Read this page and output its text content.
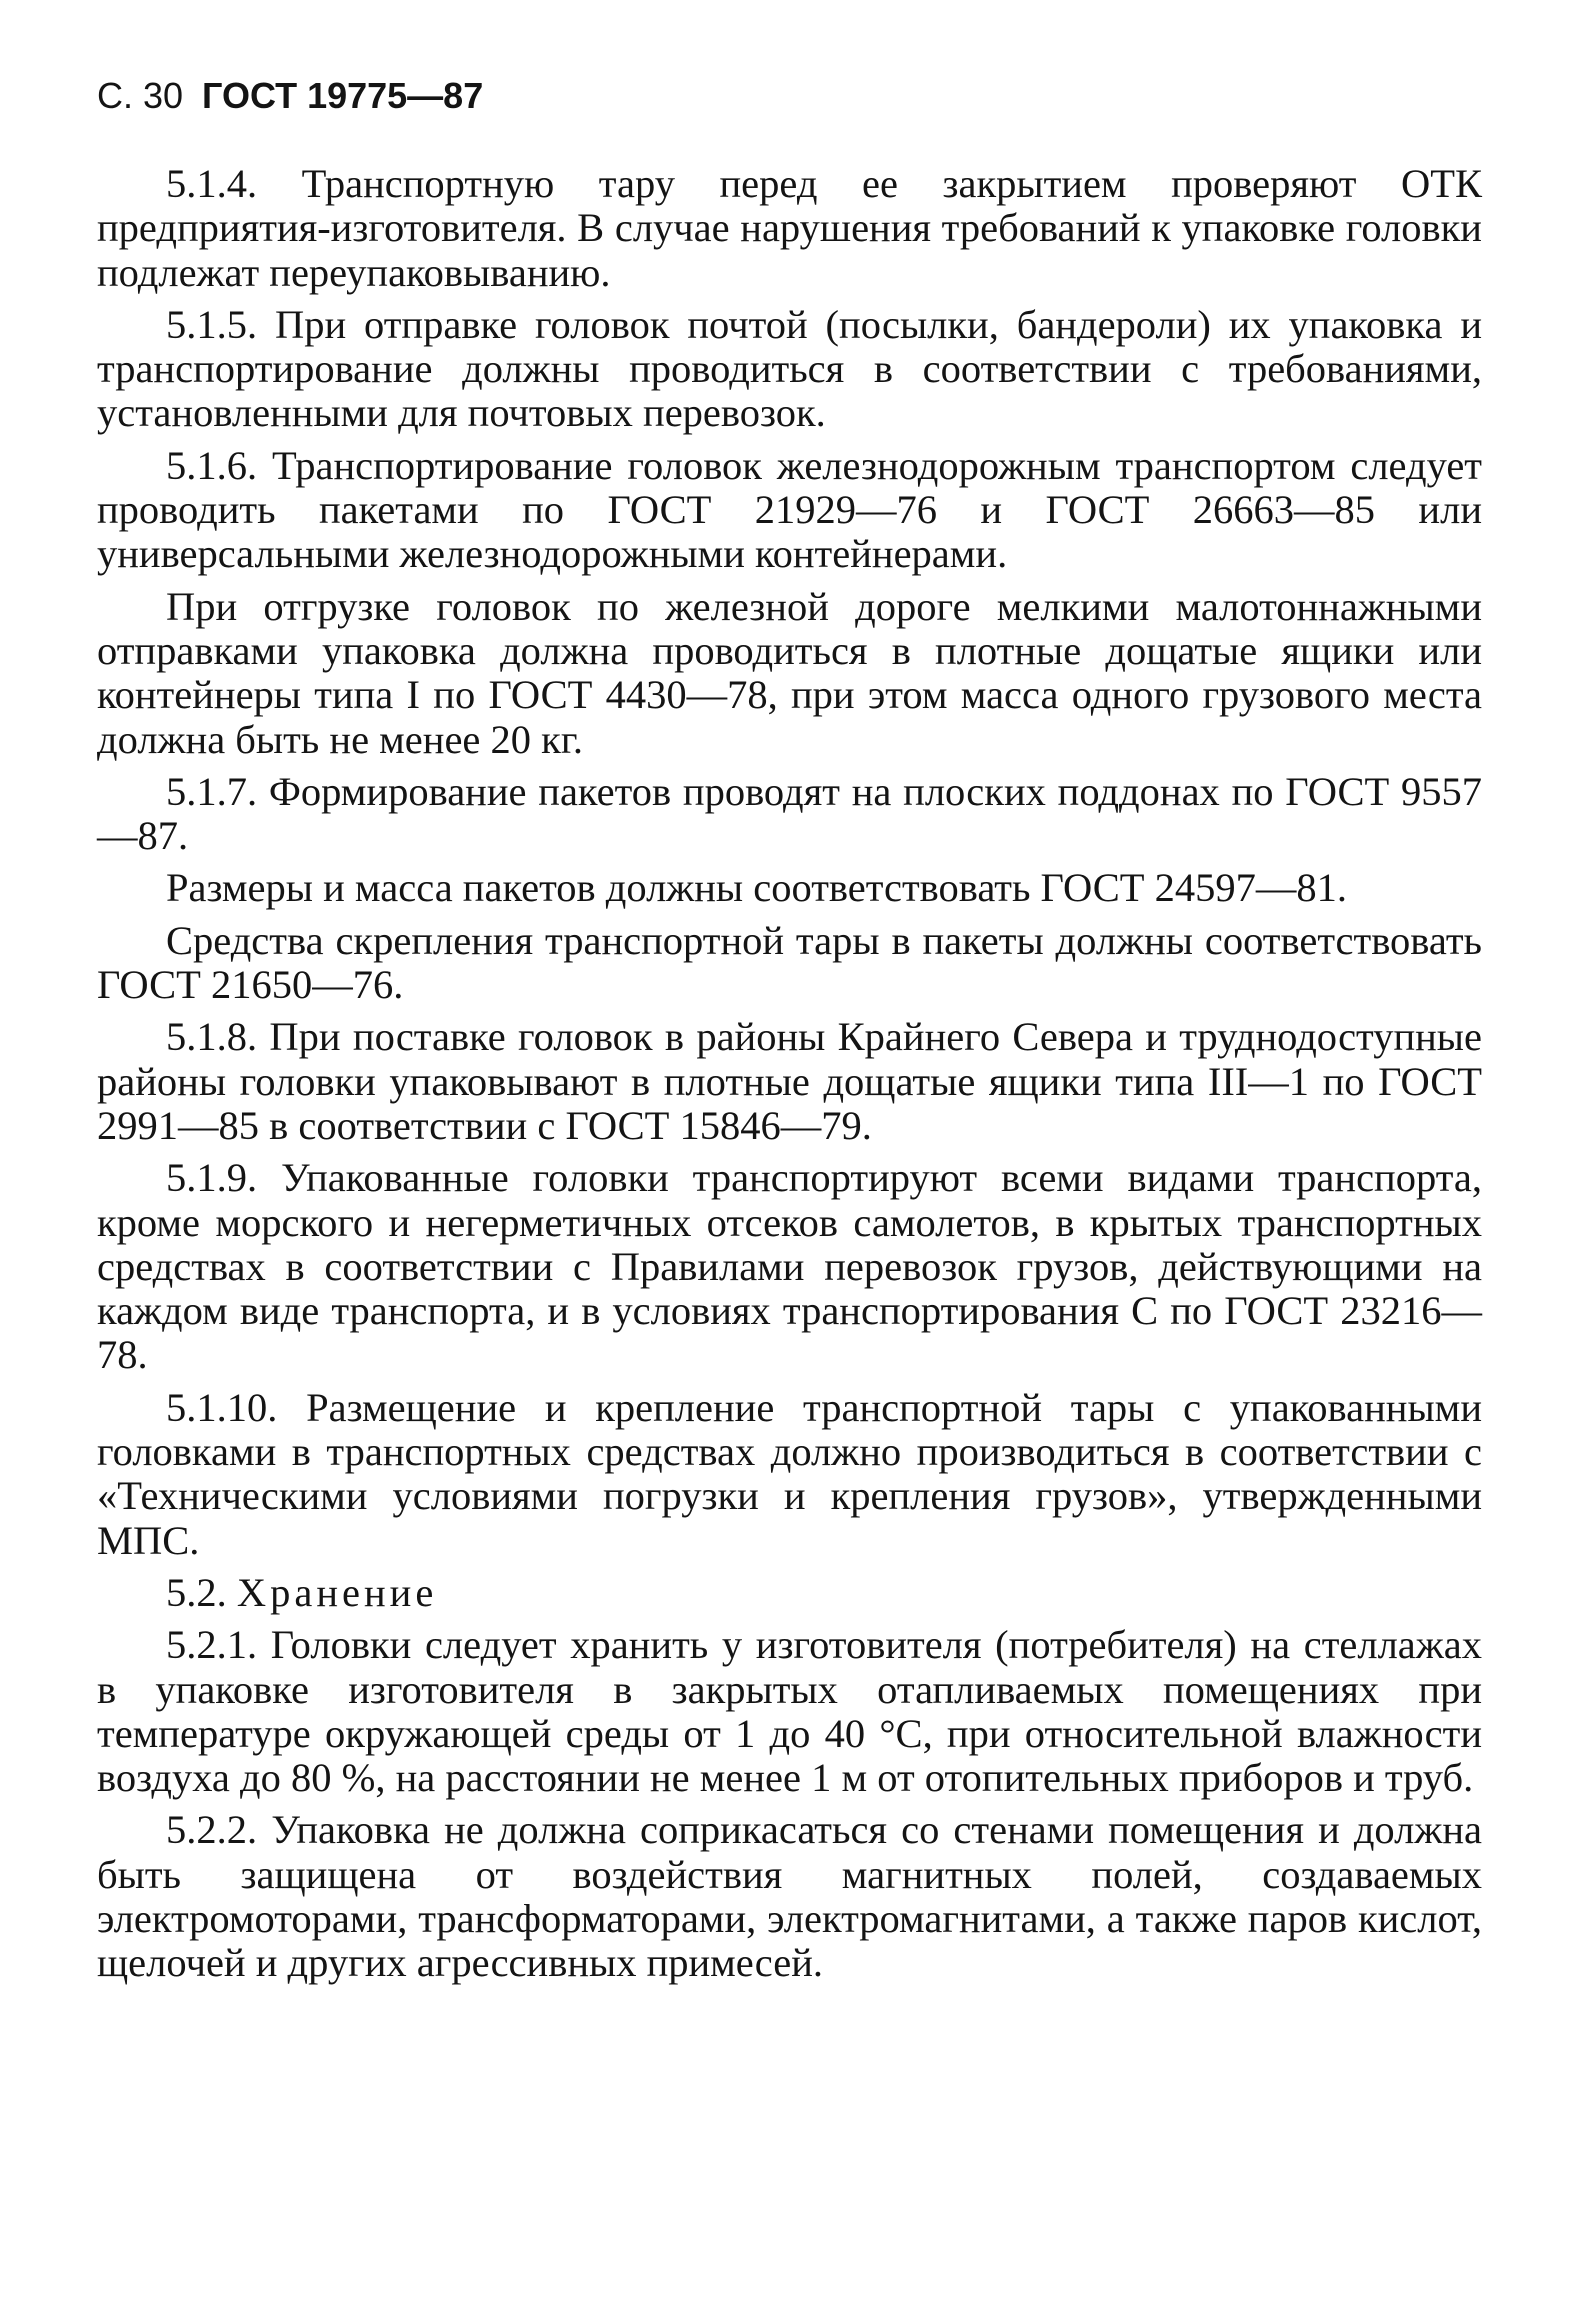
С. 30 ГОСТ 19775—87

5.1.4. Транспортную тару перед ее закрытием проверяют ОТК предприятия-изготовителя. В случае нарушения требований к упаковке головки подлежат переупаковыванию.

5.1.5. При отправке головок почтой (посылки, бандероли) их упаковка и транспортирование должны проводиться в соответствии с требованиями, установленными для почтовых перевозок.

5.1.6. Транспортирование головок железнодорожным транспортом следует проводить пакетами по ГОСТ 21929—76 и ГОСТ 26663—85 или универсальными железнодорожными контейнерами.

При отгрузке головок по железной дороге мелкими малотоннажными отправками упаковка должна проводиться в плотные дощатые ящики или контейнеры типа I по ГОСТ 4430—78, при этом масса одного грузового места должна быть не менее 20 кг.

5.1.7. Формирование пакетов проводят на плоских поддонах по ГОСТ 9557—87.

Размеры и масса пакетов должны соответствовать ГОСТ 24597—81.

Средства скрепления транспортной тары в пакеты должны соответствовать ГОСТ 21650—76.

5.1.8. При поставке головок в районы Крайнего Севера и труднодоступные районы головки упаковывают в плотные дощатые ящики типа III—1 по ГОСТ 2991—85 в соответствии с ГОСТ 15846—79.

5.1.9. Упакованные головки транспортируют всеми видами транспорта, кроме морского и негерметичных отсеков самолетов, в крытых транспортных средствах в соответствии с Правилами перевозок грузов, действующими на каждом виде транспорта, и в условиях транспортирования С по ГОСТ 23216—78.

5.1.10. Размещение и крепление транспортной тары с упакованными головками в транспортных средствах должно производиться в соответствии с «Техническими условиями погрузки и крепления грузов», утвержденными МПС.

5.2. Хранение

5.2.1. Головки следует хранить у изготовителя (потребителя) на стеллажах в упаковке изготовителя в закрытых отапливаемых помещениях при температуре окружающей среды от 1 до 40 °С, при относительной влажности воздуха до 80 %, на расстоянии не менее 1 м от отопительных приборов и труб.

5.2.2. Упаковка не должна соприкасаться со стенами помещения и должна быть защищена от воздействия магнитных полей, создаваемых электромоторами, трансформаторами, электромагнитами, а также паров кислот, щелочей и других агрессивных примесей.
